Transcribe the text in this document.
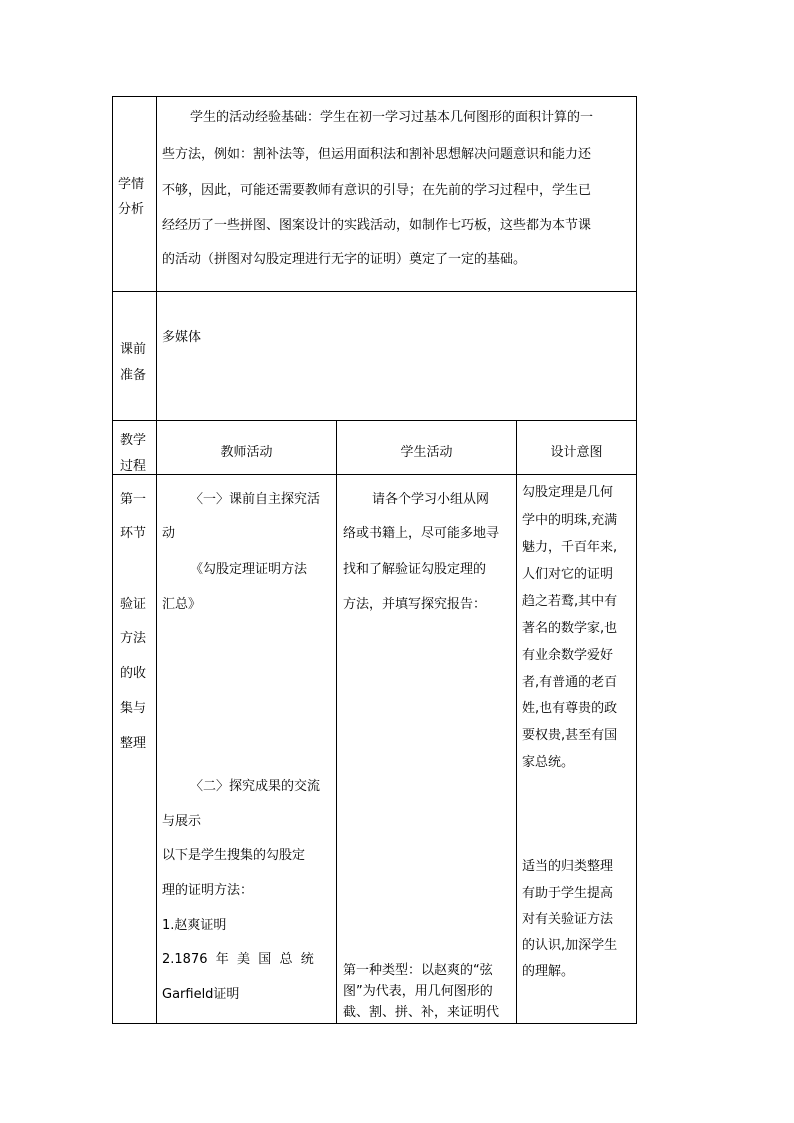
学情
分析
学生的活动经验基础：学生在初一学习过基本几何图形的面积计算的一
些方法，例如：割补法等，但运用面积法和割补思想解决问题意识和能力还
不够，因此，可能还需要教师有意识的引导；在先前的学习过程中，学生已
经经历了一些拼图、图案设计的实践活动，如制作七巧板，这些都为本节课
的活动（拼图对勾股定理进行无字的证明）奠定了一定的基础。
课前
准备
多媒体
教学
过程
教师活动	学生活动	设计意图
第一
环节
验证
方法
的收
集与
整理
〈一〉课前自主探究活
动
《勾股定理证明方法
汇总》
〈二〉探究成果的交流
与展示
以下是学生搜集的勾股定
理的证明方法：
1.赵爽证明
2.1876  年  美  国  总  统
Garfield证明
请各个学习小组从网
络或书籍上，尽可能多地寻
找和了解验证勾股定理的
方法，并填写探究报告：
第一种类型：以赵爽的“弦
图”为代表，用几何图形的
截、割、拼、补，来证明代
勾股定理是几何
学中的明珠,充满
魅力，千百年来,
人们对它的证明
趋之若鹜,其中有
著名的数学家,也
有业余数学爱好
者,有普通的老百
姓,也有尊贵的政
要权贵,甚至有国
家总统。
适当的归类整理
有助于学生提高
对有关验证方法
的认识,加深学生
的理解。
